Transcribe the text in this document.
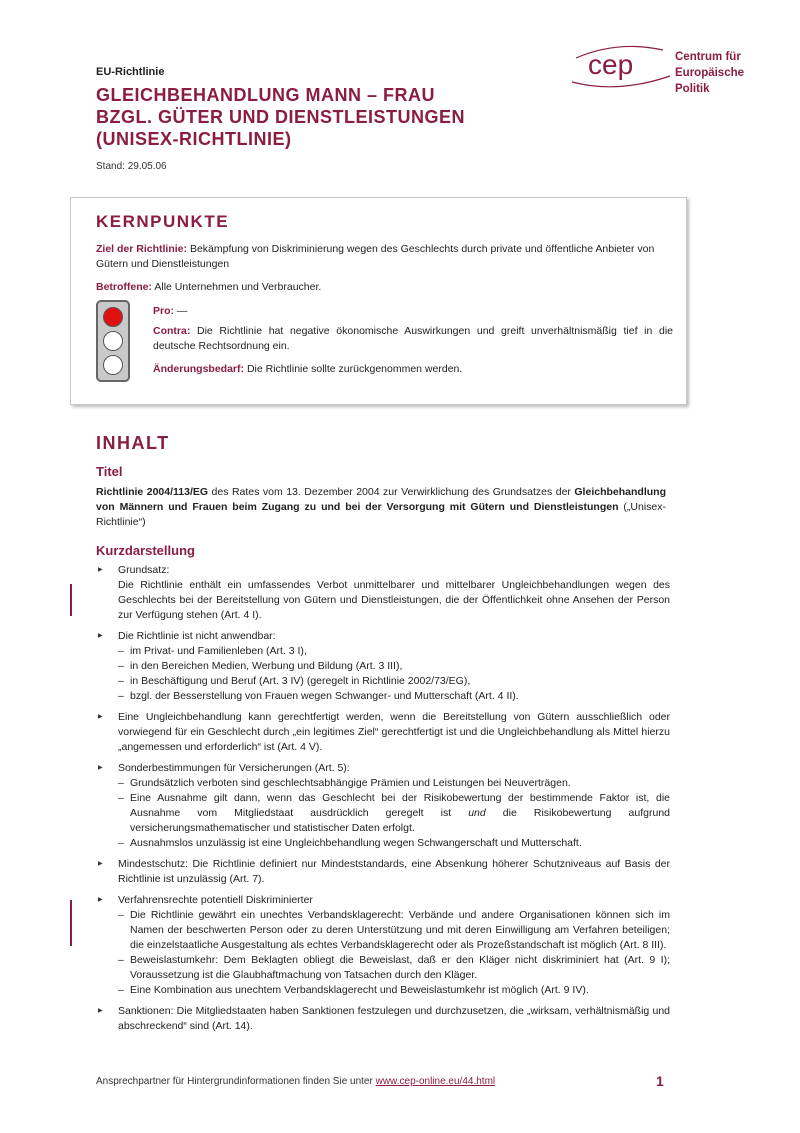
EU-Richtlinie
GLEICHBEHANDLUNG MANN – FRAU
BZGL. GÜTER UND DIENSTLEISTUNGEN
(UNISEX-RICHTLINIE)
Stand: 29.05.06
cep	Centrum für
Europäische
Politik
KERNPUNKTE
Ziel der Richtlinie: Bekämpfung von Diskriminierung wegen des Geschlechts durch private und öffentliche Anbieter von Gütern und Dienstleistungen
Betroffene: Alle Unternehmen und Verbraucher.
Pro: —
Contra: Die Richtlinie hat negative ökonomische Auswirkungen und greift unverhältnismäßig tief in die deutsche Rechtsordnung ein.
Änderungsbedarf: Die Richtlinie sollte zurückgenommen werden.
INHALT
Titel
Richtlinie 2004/113/EG des Rates vom 13. Dezember 2004 zur Verwirklichung des Grundsatzes der Gleichbehandlung von Männern und Frauen beim Zugang zu und bei der Versorgung mit Gütern und Dienstleistungen („Unisex-Richtlinie“)
Kurzdarstellung
▶ Grundsatz:
Die Richtlinie enthält ein umfassendes Verbot unmittelbarer und mittelbarer Ungleichbehandlungen wegen des Geschlechts bei der Bereitstellung von Gütern und Dienstleistungen, die der Öffentlichkeit ohne Ansehen der Person zur Verfügung stehen (Art. 4 I).
▶ Die Richtlinie ist nicht anwendbar:
– im Privat- und Familienleben (Art. 3 I),
– in den Bereichen Medien, Werbung und Bildung (Art. 3 III),
– in Beschäftigung und Beruf (Art. 3 IV) (geregelt in Richtlinie 2002/73/EG),
– bzgl. der Besserstellung von Frauen wegen Schwanger- und Mutterschaft (Art. 4 II).
▶ Eine Ungleichbehandlung kann gerechtfertigt werden, wenn die Bereitstellung von Gütern ausschließlich oder vorwiegend für ein Geschlecht durch „ein legitimes Ziel“ gerechtfertigt ist und die Ungleichbehandlung als Mittel hierzu „angemessen und erforderlich“ ist (Art. 4 V).
▶ Sonderbestimmungen für Versicherungen (Art. 5):
– Grundsätzlich verboten sind geschlechtsabhängige Prämien und Leistungen bei Neuverträgen.
– Eine Ausnahme gilt dann, wenn das Geschlecht bei der Risikobewertung der bestimmende Faktor ist, die Ausnahme vom Mitgliedstaat ausdrücklich geregelt ist und die Risikobewertung aufgrund versicherungsmathematischer und statistischer Daten erfolgt.
– Ausnahmslos unzulässig ist eine Ungleichbehandlung wegen Schwangerschaft und Mutterschaft.
▶ Mindestschutz: Die Richtlinie definiert nur Mindeststandards, eine Absenkung höherer Schutzniveaus auf Basis der Richtlinie ist unzulässig (Art. 7).
▶ Verfahrensrechte potentiell Diskriminierter
– Die Richtlinie gewährt ein unechtes Verbandsklagerecht: Verbände und andere Organisationen können sich im Namen der beschwerten Person oder zu deren Unterstützung und mit deren Einwilligung am Verfahren beteiligen; die einzelstaatliche Ausgestaltung als echtes Verbandsklagerecht oder als Prozeßstandschaft ist möglich (Art. 8 III).
– Beweislastumkehr: Dem Beklagten obliegt die Beweislast, daß er den Kläger nicht diskriminiert hat (Art. 9 I); Voraussetzung ist die Glaubhaftmachung von Tatsachen durch den Kläger.
– Eine Kombination aus unechtem Verbandsklagerecht und Beweislastumkehr ist möglich (Art. 9 IV).
▶ Sanktionen: Die Mitgliedstaaten haben Sanktionen festzulegen und durchzusetzen, die „wirksam, verhältnismäßig und abschreckend“ sind (Art. 14).
Ansprechpartner für Hintergrundinformationen finden Sie unter www.cep-online.eu/44.html	1
